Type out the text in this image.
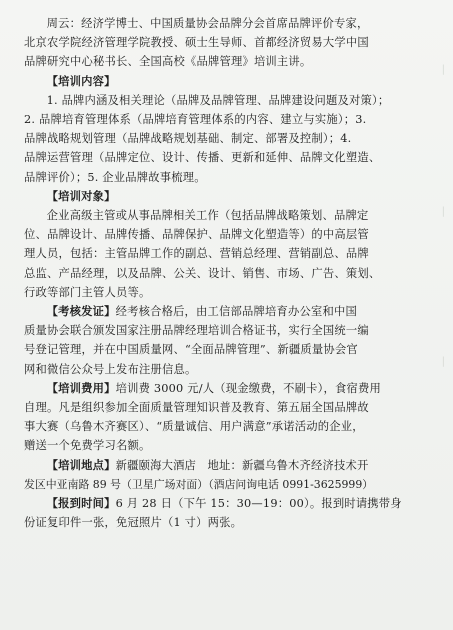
|
|
|

周云：经济学博士、中国质量协会品牌分会首席品牌评价专家，

北京农学院经济管理学院教授、硕士生导师、首都经济贸易大学中国

品牌研究中心秘书长、全国高校《品牌管理》培训主讲。

【培训内容】

1. 品牌内涵及相关理论（品牌及品牌管理、品牌建设问题及对策）；

2. 品牌培育管理体系（品牌培育管理体系的内容、建立与实施）；3.

品牌战略规划管理（品牌战略规划基础、制定、部署及控制）；4.

品牌运营管理（品牌定位、设计、传播、更新和延伸、品牌文化塑造、

品牌评价）；5. 企业品牌故事梳理。

【培训对象】

企业高级主管或从事品牌相关工作（包括品牌战略策划、品牌定

位、品牌设计、品牌传播、品牌保护、品牌文化塑造等）的中高层管

理人员，包括：主管品牌工作的副总、营销总经理、营销副总、品牌

总监、产品经理，以及品牌、公关、设计、销售、市场、广告、策划、

行政等部门主管人员等。

【考核发证】经考核合格后，由工信部品牌培育办公室和中国

质量协会联合颁发国家注册品牌经理培训合格证书，实行全国统一编

号登记管理，并在中国质量网、“全面品牌管理”、新疆质量协会官

网和微信公众号上发布注册信息。

【培训费用】培训费 3000 元/人（现金缴费，不刷卡），食宿费用

自理。凡是组织参加全面质量管理知识普及教育、第五届全国品牌故

事大赛（乌鲁木齐赛区）、“质量诚信、用户满意”承诺活动的企业，

赠送一个免费学习名额。

【培训地点】新疆颐海大酒店　地址：新疆乌鲁木齐经济技术开

发区中亚南路 89 号（卫星广场对面）（酒店问询电话 0991-3625999）

【报到时间】6 月 28 日（下午 15：30—19：00）。报到时请携带身

份证复印件一张，免冠照片（1 寸）两张。
